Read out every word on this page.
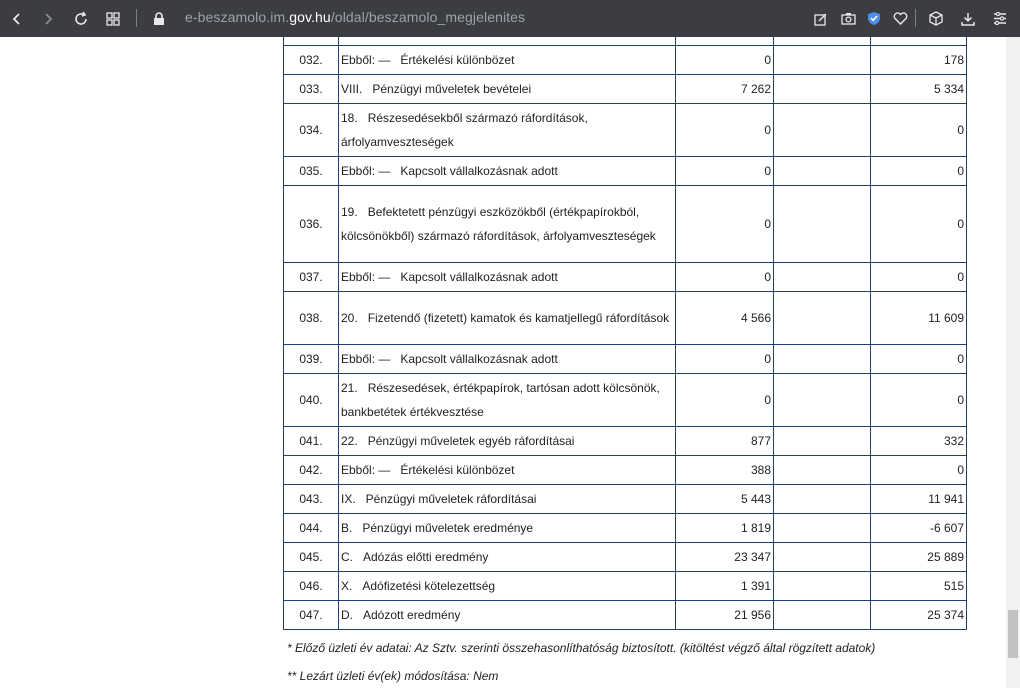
e-beszamolo.im.gov.hu/oldal/beszamolo_megjelenites

032.	Ebből: — Értékelési különbözet	0		178
033.	VIII. Pénzügyi műveletek bevételei	7 262		5 334
034.	18. Részesedésekből származó ráfordítások, árfolyamveszteségek	0		0
035.	Ebből: — Kapcsolt vállalkozásnak adott	0		0
036.	19. Befektetett pénzügyi eszközökből (értékpapírokból, kölcsönökből) származó ráfordítások, árfolyamveszteségek	0		0
037.	Ebből: — Kapcsolt vállalkozásnak adott	0		0
038.	20. Fizetendő (fizetett) kamatok és kamatjellegű ráfordítások	4 566		11 609
039.	Ebből: — Kapcsolt vállalkozásnak adott	0		0
040.	21. Részesedések, értékpapírok, tartósan adott kölcsönök, bankbetétek értékvesztése	0		0
041.	22. Pénzügyi műveletek egyéb ráfordításai	877		332
042.	Ebből: — Értékelési különbözet	388		0
043.	IX. Pénzügyi műveletek ráfordításai	5 443		11 941
044.	B. Pénzügyi műveletek eredménye	1 819		-6 607
045.	C. Adózás előtti eredmény	23 347		25 889
046.	X. Adófizetési kötelezettség	1 391		515
047.	D. Adózott eredmény	21 956		25 374
* Előző üzleti év adatai: Az Sztv. szerinti összehasonlíthatóság biztosított. (kitöltést végző által rögzített adatok)
** Lezárt üzleti év(ek) módosítása: Nem
